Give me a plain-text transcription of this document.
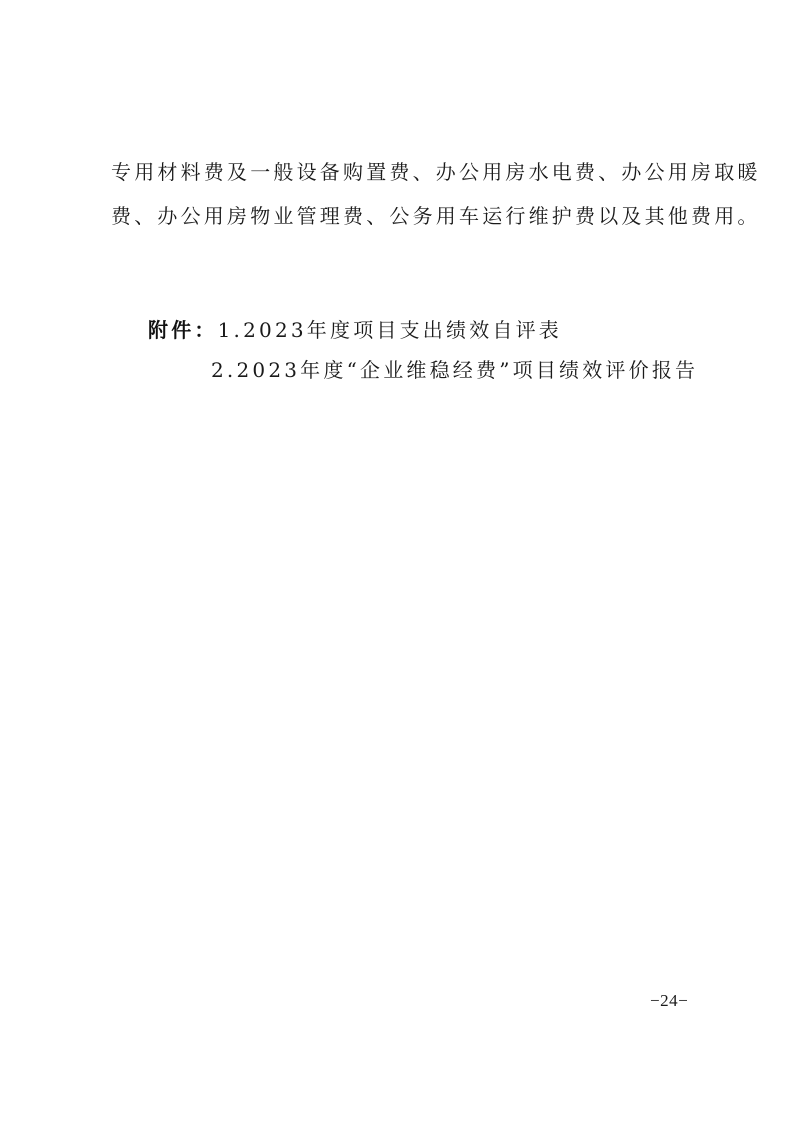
专用材料费及一般设备购置费、办公用房水电费、办公用房取暖
费、办公用房物业管理费、公务用车运行维护费以及其他费用。
附件：1.2023年度项目支出绩效自评表
2.2023年度“企业维稳经费”项目绩效评价报告
−24−
